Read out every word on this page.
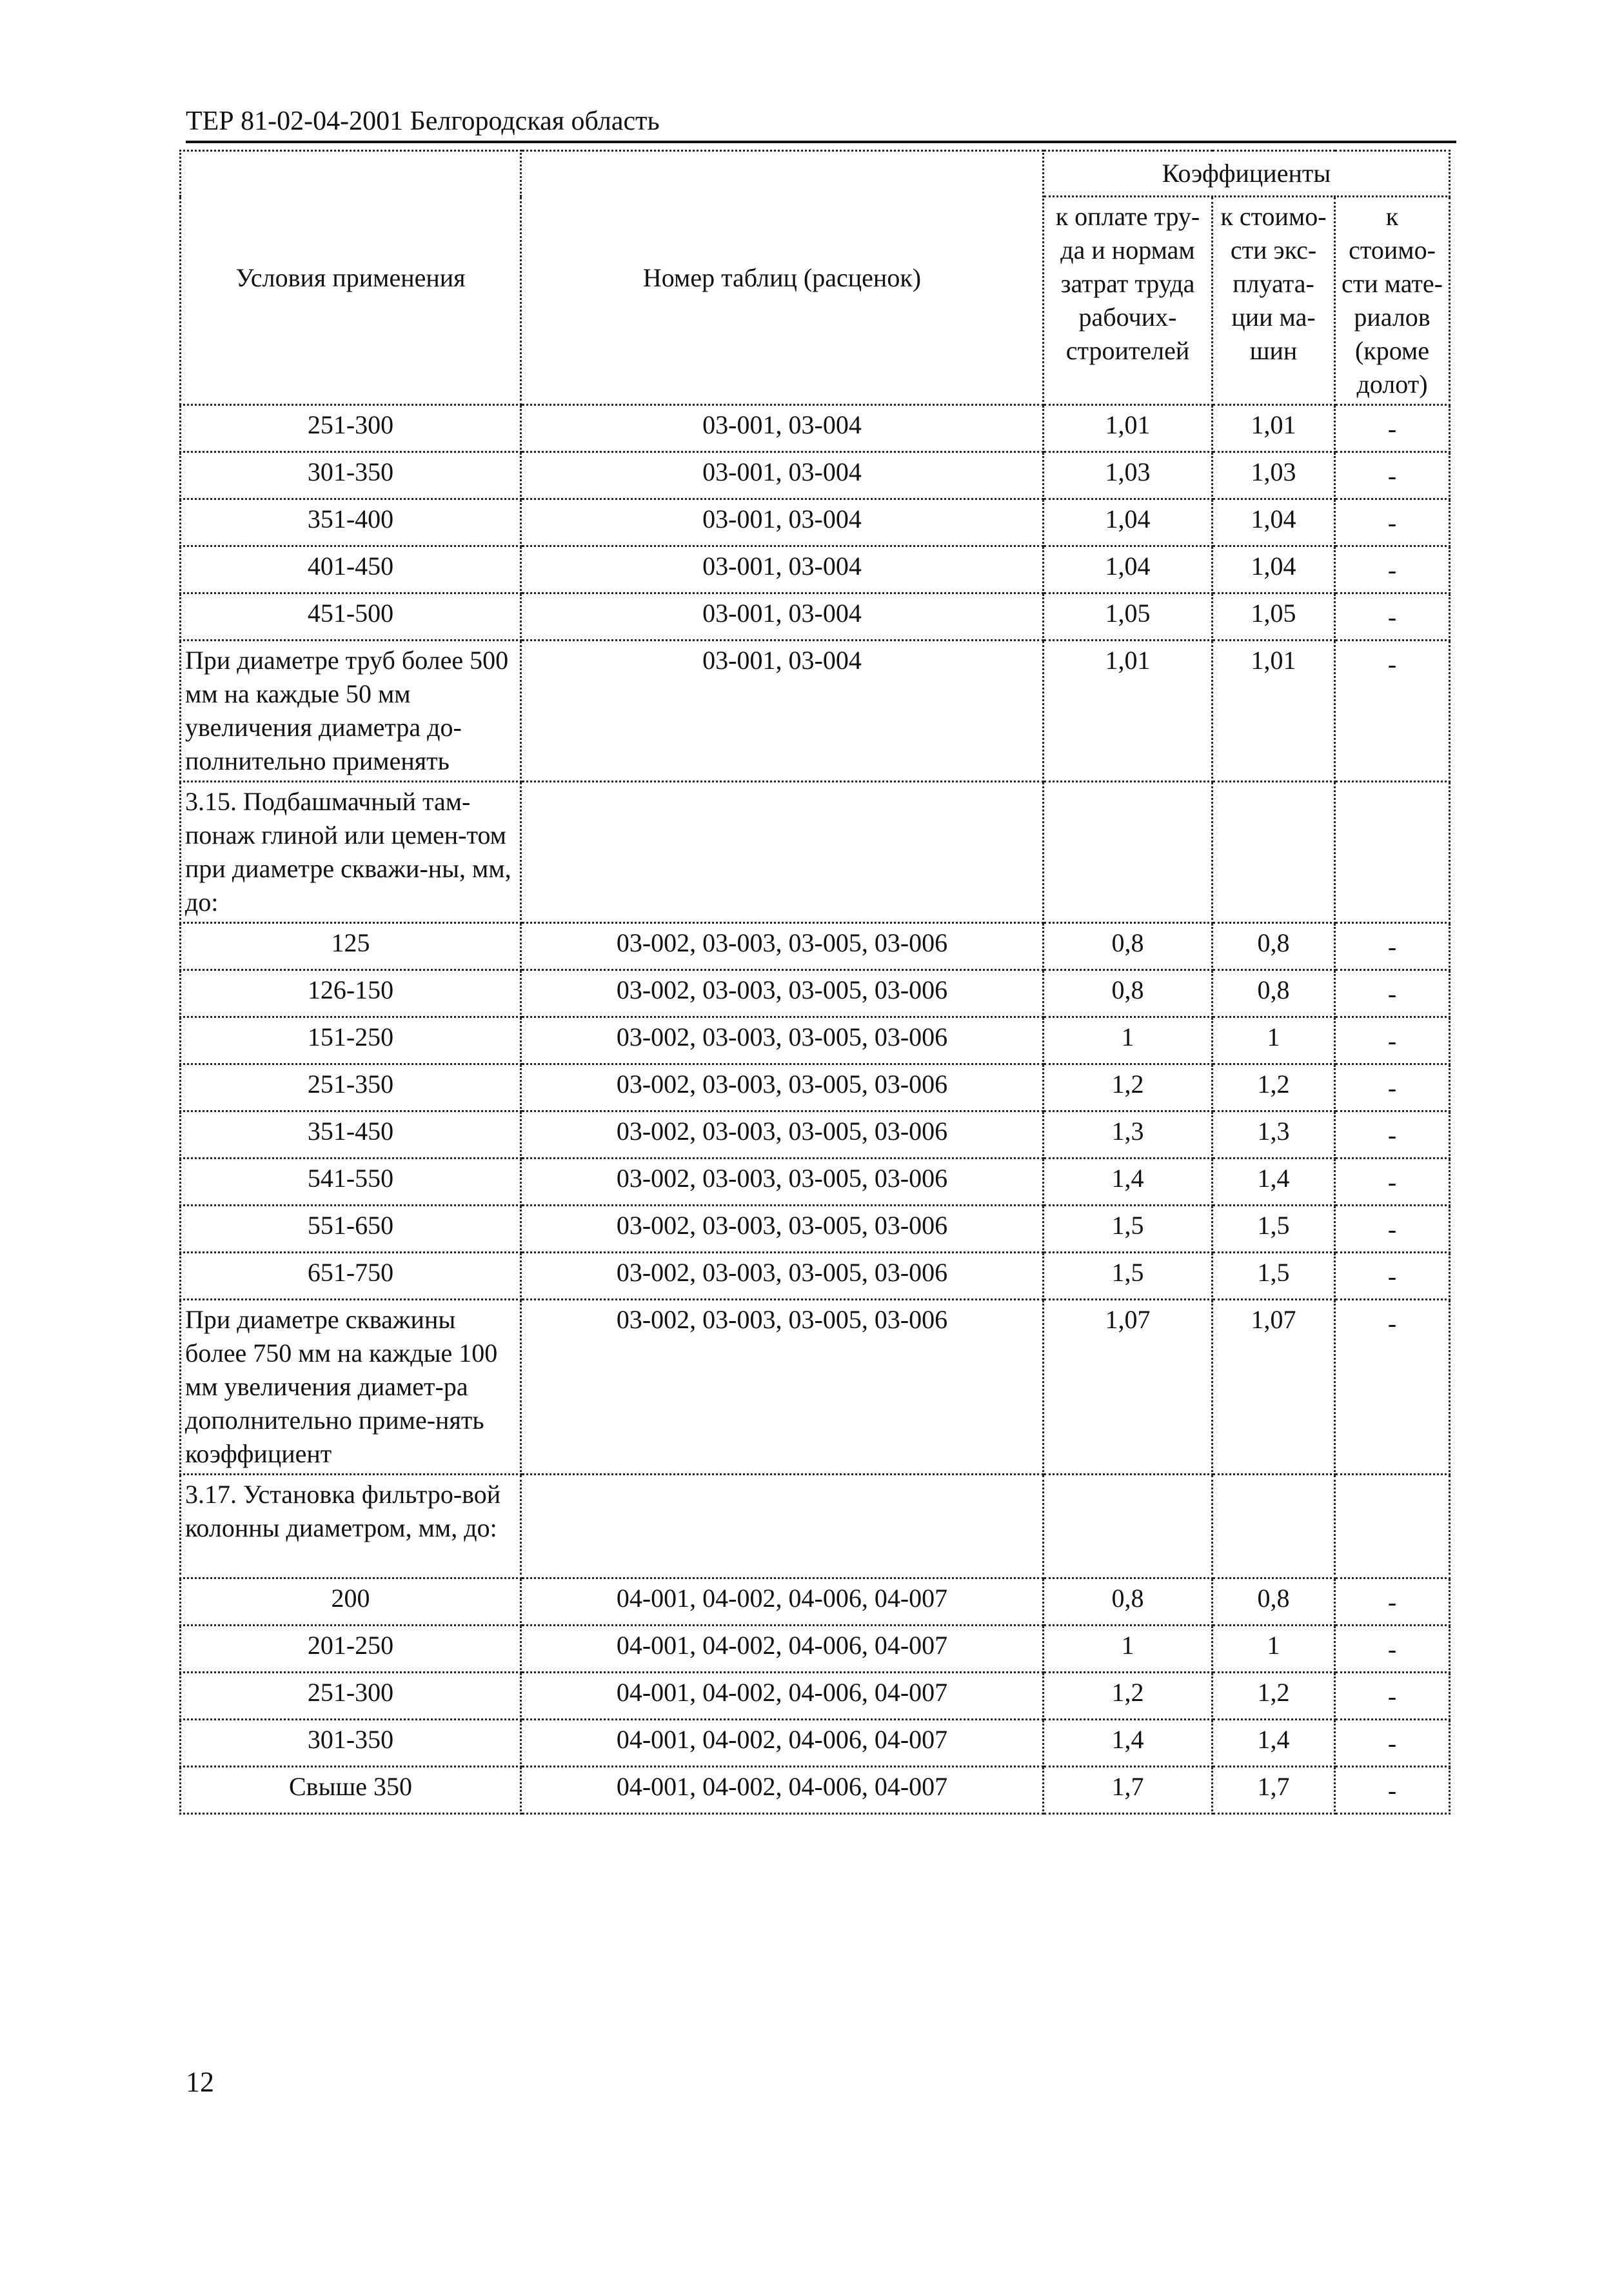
ТЕР 81-02-04-2001 Белгородская область
Условия применения	Номер таблиц (расценок)	Коэффициенты		
		к оплате тру-да и нормам затрат труда рабочих-строителей	к стоимо-сти экс-плуата-ции ма-шин	к стоимо-сти мате-риалов (кроме долот)
251-300	03-001, 03-004	1,01	1,01	-
301-350	03-001, 03-004	1,03	1,03	-
351-400	03-001, 03-004	1,04	1,04	-
401-450	03-001, 03-004	1,04	1,04	-
451-500	03-001, 03-004	1,05	1,05	-
При диаметре труб более 500 мм на каждые 50 мм увеличения диаметра до-полнительно применять	03-001, 03-004	1,01	1,01	-
3.15. Подбашмачный там-понаж глиной или цемен-том при диаметре скважи-ны, мм, до:				
125	03-002, 03-003, 03-005, 03-006	0,8	0,8	-
126-150	03-002, 03-003, 03-005, 03-006	0,8	0,8	-
151-250	03-002, 03-003, 03-005, 03-006	1	1	-
251-350	03-002, 03-003, 03-005, 03-006	1,2	1,2	-
351-450	03-002, 03-003, 03-005, 03-006	1,3	1,3	-
541-550	03-002, 03-003, 03-005, 03-006	1,4	1,4	-
551-650	03-002, 03-003, 03-005, 03-006	1,5	1,5	-
651-750	03-002, 03-003, 03-005, 03-006	1,5	1,5	-
При диаметре скважины более 750 мм на каждые 100 мм увеличения диамет-ра дополнительно приме-нять коэффициент	03-002, 03-003, 03-005, 03-006	1,07	1,07	-
3.17. Установка фильтро-вой колонны диаметром, мм, до:				
200	04-001, 04-002, 04-006, 04-007	0,8	0,8	-
201-250	04-001, 04-002, 04-006, 04-007	1	1	-
251-300	04-001, 04-002, 04-006, 04-007	1,2	1,2	-
301-350	04-001, 04-002, 04-006, 04-007	1,4	1,4	-
Свыше 350	04-001, 04-002, 04-006, 04-007	1,7	1,7	-
12
